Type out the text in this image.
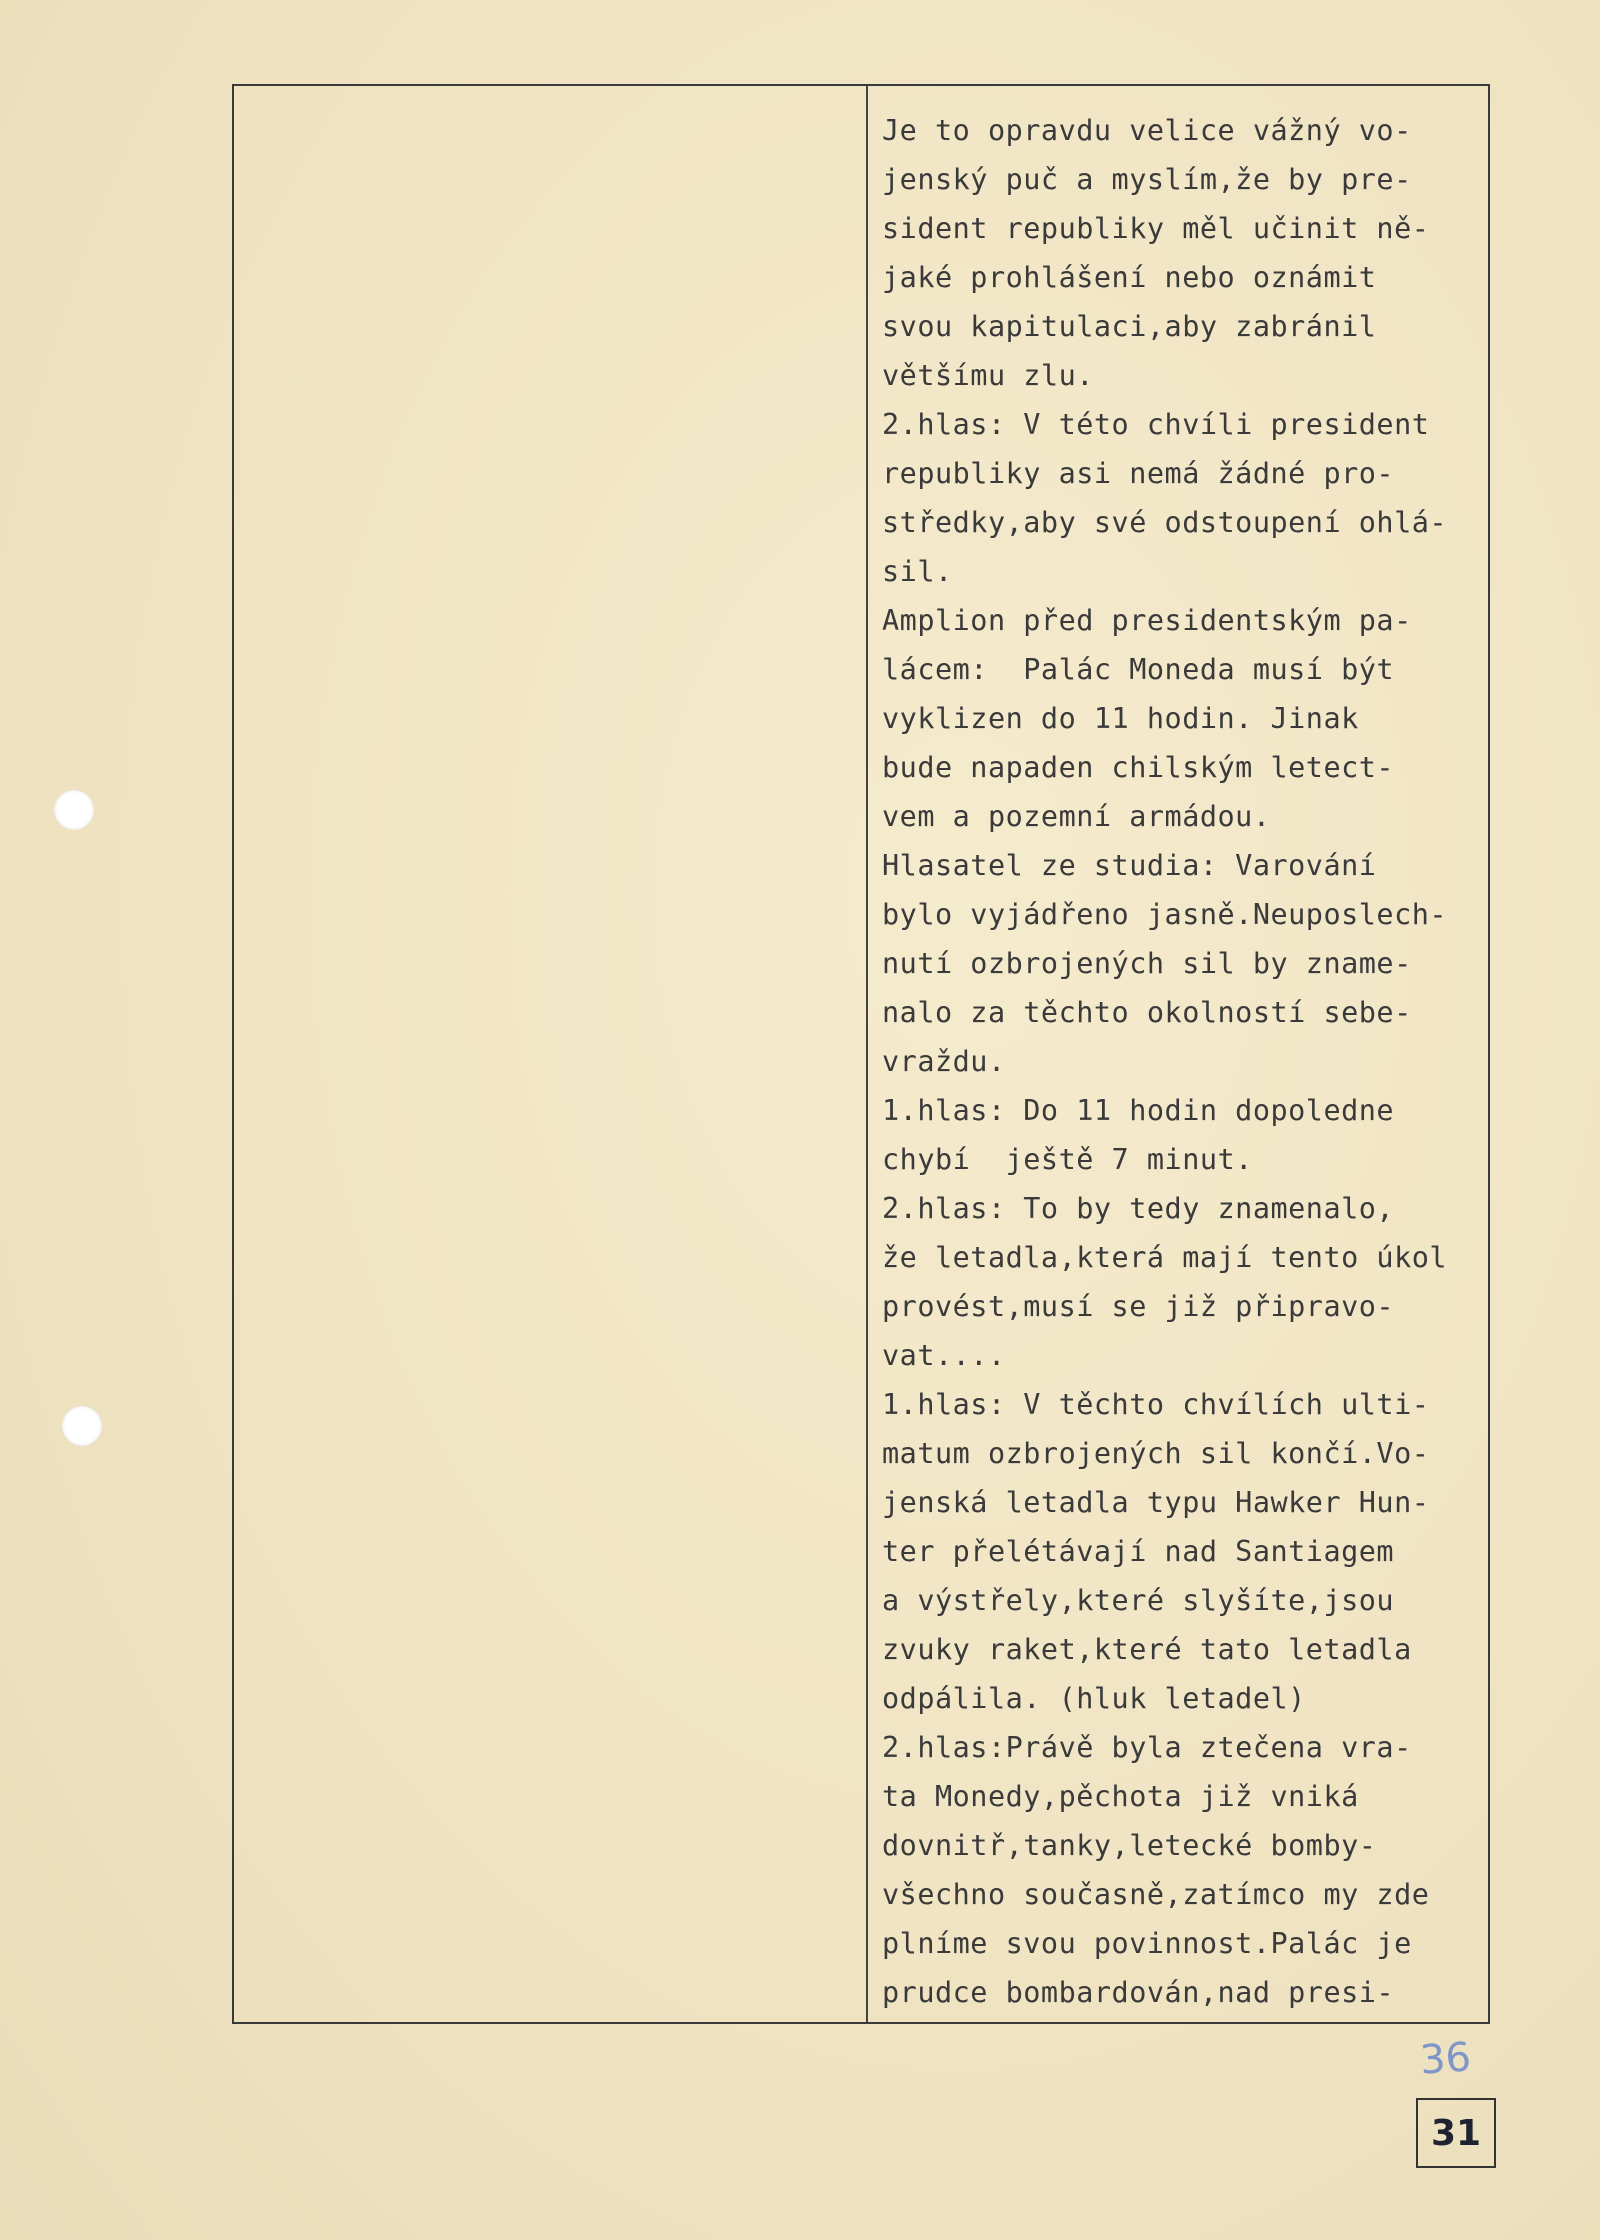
Je to opravdu velice vážný vo-
jenský puč a myslím,že by pre-
sident republiky měl učinit ně-
jaké prohlášení nebo oznámit
svou kapitulaci,aby zabránil
většímu zlu.
2.hlas: V této chvíli president
republiky asi nemá žádné pro-
středky,aby své odstoupení ohlá-
sil.
Amplion před presidentským pa-
lácem:  Palác Moneda musí být
vyklizen do 11 hodin. Jinak
bude napaden chilským letect-
vem a pozemní armádou.
Hlasatel ze studia: Varování
bylo vyjádřeno jasně.Neuposlech-
nutí ozbrojených sil by zname-
nalo za těchto okolností sebe-
vraždu.
1.hlas: Do 11 hodin dopoledne
chybí  ještě 7 minut.
2.hlas: To by tedy znamenalo,
že letadla,která mají tento úkol
provést,musí se již připravo-
vat....
1.hlas: V těchto chvílích ulti-
matum ozbrojených sil končí.Vo-
jenská letadla typu Hawker Hun-
ter přelétávají nad Santiagem
a výstřely,které slyšíte,jsou
zvuky raket,které tato letadla
odpálila. (hluk letadel)
2.hlas:Právě byla ztečena vra-
ta Monedy,pěchota již vniká
dovnitř,tanky,letecké bomby-
všechno současně,zatímco my zde
plníme svou povinnost.Palác je
prudce bombardován,nad presi-
36
31
